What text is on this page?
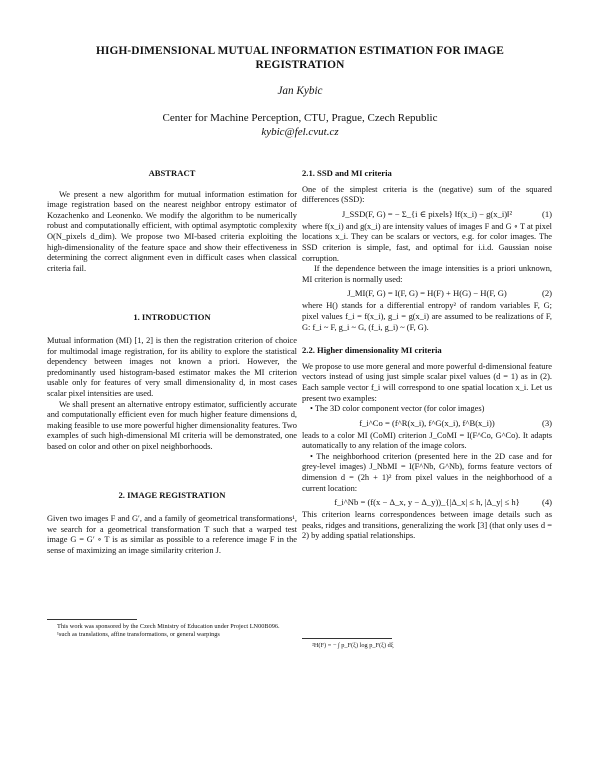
HIGH-DIMENSIONAL MUTUAL INFORMATION ESTIMATION FOR IMAGE REGISTRATION
Jan Kybic
Center for Machine Perception, CTU, Prague, Czech Republic
kybic@fel.cvut.cz

ABSTRACT

We present a new algorithm for mutual information estimation for image registration based on the nearest neighbor entropy estimator of Kozachenko and Leonenko. We modify the algorithm to be numerically robust and computationally efficient, with optimal asymptotic complexity O(N_pixels d_dim). We propose two MI-based criteria exploiting the high-dimensionality of the feature space and show their effectiveness in determining the correct alignment even in difficult cases when classical criteria fail.

1. INTRODUCTION

Mutual information (MI) [1, 2] is then the registration criterion of choice for multimodal image registration, for its ability to explore the statistical dependency between images not known a priori. However, the predominantly used histogram-based estimator makes the MI criterion usable only for features of very small dimensionality d, in most cases scalar pixel intensities are used.

We shall present an alternative entropy estimator, sufficiently accurate and computationally efficient even for much higher feature dimensions d, making feasible to use more powerful higher dimensionality features. Two examples of such high-dimensional MI criteria will be demonstrated, one based on color and other on pixel neighborhoods.

2. IMAGE REGISTRATION

Given two images F and G′, and a family of geometrical transformations¹, we search for a geometrical transformation T such that a warped test image G = G′ ∘ T is as similar as possible to a reference image F in the sense of maximizing an image similarity criterion J.

This work was sponsored by the Czech Ministry of Education under Project LN00B096.

¹such as translations, affine transformations, or general warpings

2.1. SSD and MI criteria

One of the simplest criteria is the (negative) sum of the squared differences (SSD):

J_SSD(F, G) = − Σ_{i ∈ pixels} ‖f(x_i) − g(x_i)‖²	(1)

where f(x_i) and g(x_i) are intensity values of images F and G ∘ T at pixel locations x_i. They can be scalars or vectors, e.g. for color images. The SSD criterion is simple, fast, and optimal for i.i.d. Gaussian noise corruption.

If the dependence between the image intensities is a priori unknown, MI criterion is normally used:

J_MI(F, G) = I(F, G) = H(F) + H(G) − H(F, G)	(2)

where H() stands for a differential entropy² of random variables F, G; pixel values f_i = f(x_i), g_i = g(x_i) are assumed to be realizations of F, G: f_i ~ F, g_i ~ G, (f_i, g_i) ~ (F, G).

2.2. Higher dimensionality MI criteria

We propose to use more general and more powerful d-dimensional feature vectors instead of using just simple scalar pixel values (d = 1) as in (2). Each sample vector f_i will correspond to one spatial location x_i. Let us present two examples:

• The 3D color component vector (for color images)

f_i^Co = (f^R(x_i), f^G(x_i), f^B(x_i))	(3)

leads to a color MI (CoMI) criterion J_CoMI = I(F^Co, G^Co). It adapts automatically to any relation of the image colors.

• The neighborhood criterion (presented here in the 2D case and for grey-level images) J_NbMI = I(F^Nb, G^Nb), forms feature vectors of dimension d = (2h + 1)² from pixel values in the neighborhood of a current location:

f_i^Nb = (f(x − Δ_x, y − Δ_y))_{|Δ_x| ≤ h, |Δ_y| ≤ h}	(4)

This criterion learns correspondences between image details such as peaks, ridges and transitions, generalizing the work [3] (that only uses d = 2) by adding spatial relationships.

²H(F) = − ∫ p_F(ξ) log p_F(ξ) dξ
